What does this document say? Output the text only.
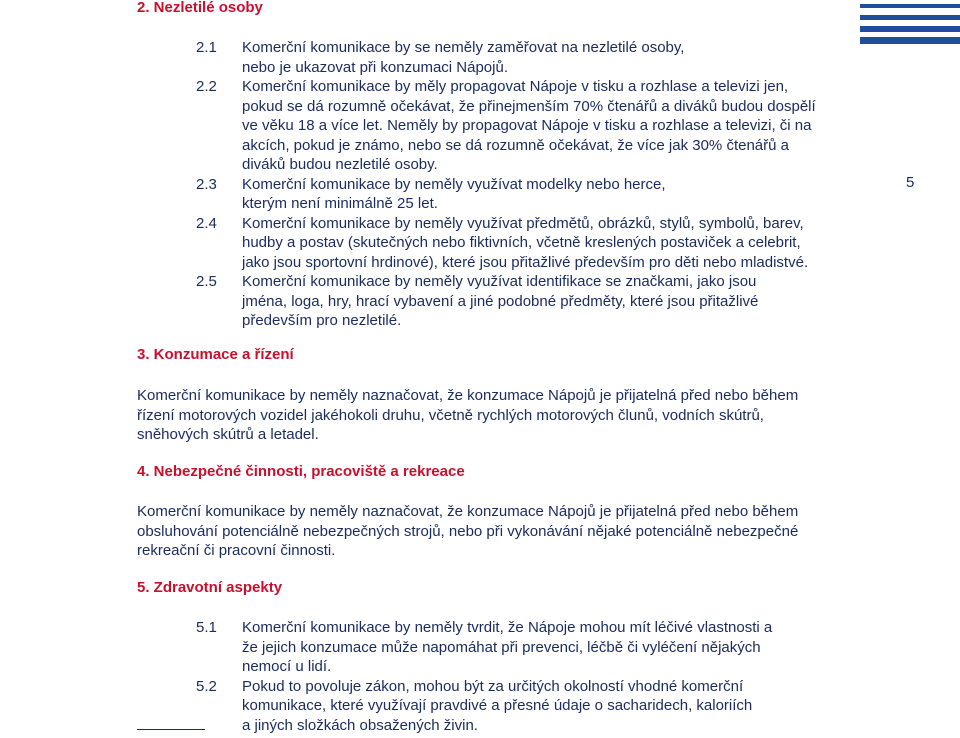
2. Nezletilé osoby
2.1	Komerční komunikace by se neměly zaměřovat na nezletilé osoby, nebo je ukazovat při konzumaci Nápojů.
2.2	Komerční komunikace by měly propagovat Nápoje v tisku a rozhlase a televizi jen, pokud se dá rozumně očekávat, že přinejmenším 70% čtenářů a diváků budou dospělí ve věku 18 a více let. Neměly by propagovat Nápoje v tisku a rozhlase a televizi, či na akcích, pokud je známo, nebo se dá rozumně očekávat, že více jak 30% čtenářů a diváků budou nezletilé osoby.
2.3	Komerční komunikace by neměly využívat modelky nebo herce, kterým není minimálně 25 let.
2.4	Komerční komunikace by neměly využívat předmětů, obrázků, stylů, symbolů, barev, hudby a postav (skutečných nebo fiktivních, včetně kreslených postaviček a celebrit, jako jsou sportovní hrdinové), které jsou přitažlivé především pro děti nebo mladistvé.
2.5	Komerční komunikace by neměly využívat identifikace se značkami, jako jsou jména, loga, hry, hrací vybavení a jiné podobné předměty, které jsou přitažlivé především pro nezletilé.
5
3. Konzumace a řízení

Komerční komunikace by neměly naznačovat, že konzumace Nápojů je přijatelná před nebo během řízení motorových vozidel jakéhokoli druhu, včetně rychlých motorových člunů, vodních skútrů, sněhových skútrů a letadel.

4. Nebezpečné činnosti, pracoviště a rekreace

Komerční komunikace by neměly naznačovat, že konzumace Nápojů je přijatelná před nebo během obsluhování potenciálně nebezpečných strojů, nebo při vykonávání nějaké potenciálně nebezpečné rekreační či pracovní činnosti.

5. Zdravotní aspekty
5.1	Komerční komunikace by neměly tvrdit, že Nápoje mohou mít léčivé vlastnosti a že jejich konzumace může napomáhat při prevenci, léčbě či vyléčení nějakých nemocí u lidí.
5.2	Pokud to povoluje zákon, mohou být za určitých okolností vhodné komerční komunikace, které využívají pravdivé a přesné údaje o sacharidech, kaloriích a jiných složkách obsažených živin.
